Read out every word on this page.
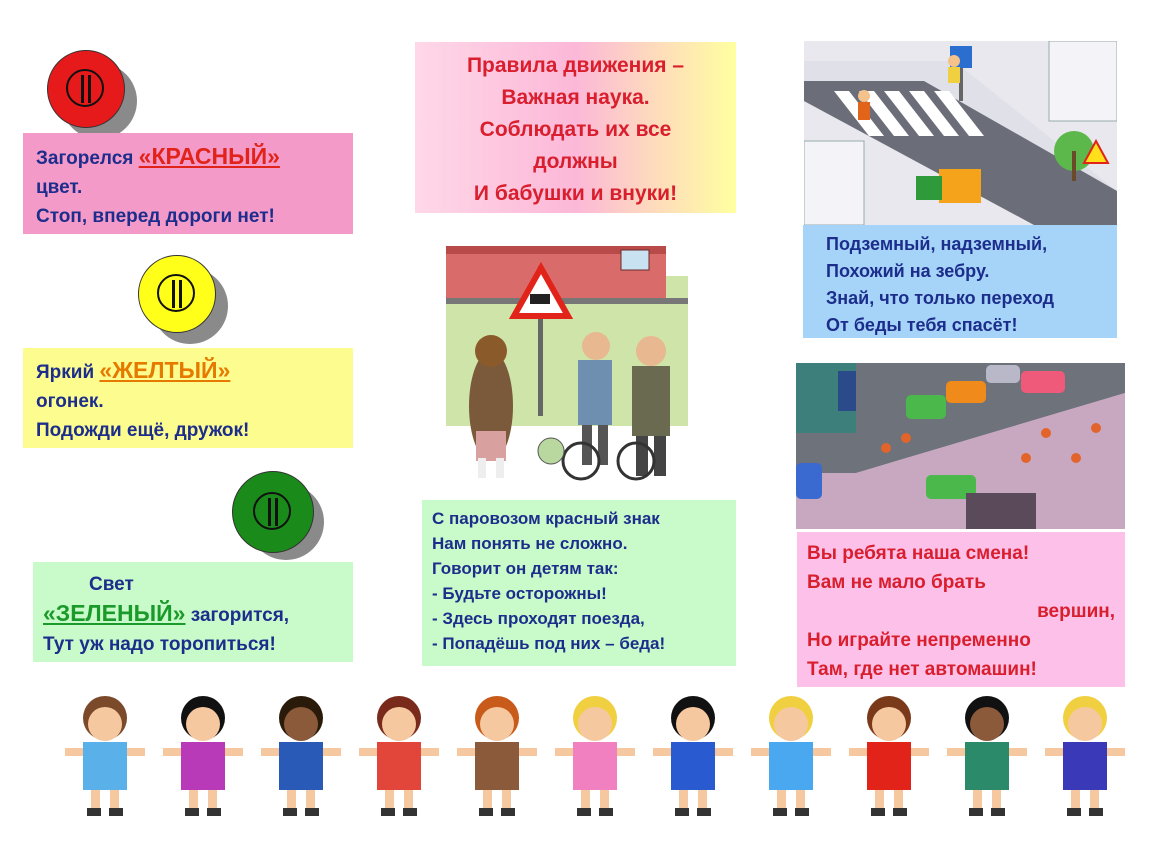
Загорелся «КРАСНЫЙ»
цвет.
Стоп, вперед дороги нет!
Яркий «ЖЕЛТЫЙ»
огонек.
Подожди ещё, дружок!
Свет
«ЗЕЛЕНЫЙ» загорится,
Тут уж надо торопиться!
Правила движения –
Важная наука.
Соблюдать их все
должны
И бабушки и внуки!
С паровозом красный знак
Нам понять не сложно.
Говорит он детям так:
- Будьте осторожны!
- Здесь проходят поезда,
- Попадёшь под них – беда!
Подземный, надземный,
Похожий на зебру.
Знай, что только переход
От беды тебя спасёт!
Вы ребята наша смена!
Вам не мало брать
вершин,
Но играйте непременно
Там, где нет автомашин!
